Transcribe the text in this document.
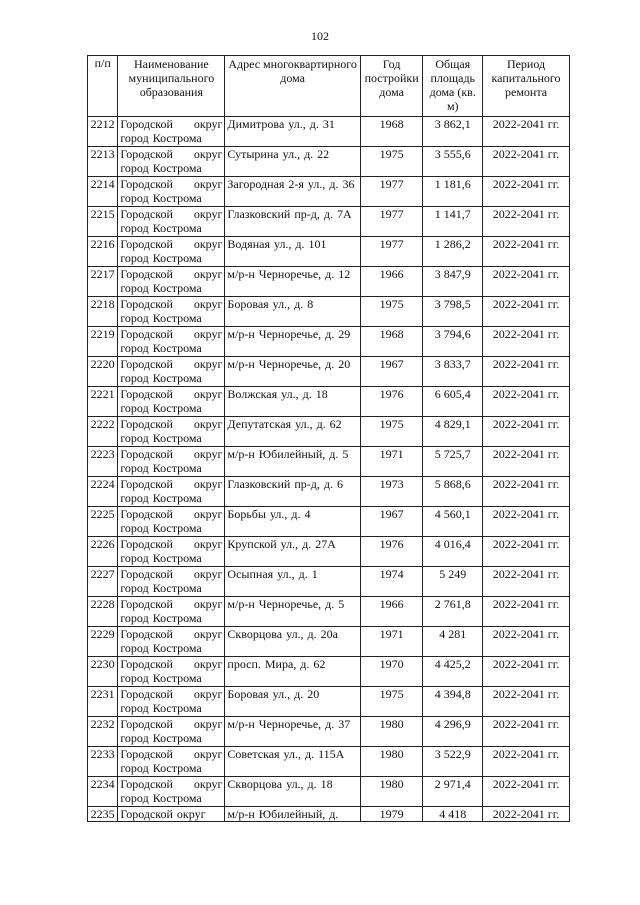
102
п/п	Наименование муниципального образования	Адрес многоквартирного дома	Год постройки дома	Общая площадь дома (кв. м)	Период капитального ремонта
2212	Городской округ город Кострома	Димитрова ул., д. 31	1968	3 862,1	2022-2041 гг.
2213	Городской округ город Кострома	Сутырина ул., д. 22	1975	3 555,6	2022-2041 гг.
2214	Городской округ город Кострома	Загородная 2-я ул., д. 36	1977	1 181,6	2022-2041 гг.
2215	Городской округ город Кострома	Глазковский пр-д, д. 7А	1977	1 141,7	2022-2041 гг.
2216	Городской округ город Кострома	Водяная ул., д. 101	1977	1 286,2	2022-2041 гг.
2217	Городской округ город Кострома	м/р-н Черноречье, д. 12	1966	3 847,9	2022-2041 гг.
2218	Городской округ город Кострома	Боровая ул., д. 8	1975	3 798,5	2022-2041 гг.
2219	Городской округ город Кострома	м/р-н Черноречье, д. 29	1968	3 794,6	2022-2041 гг.
2220	Городской округ город Кострома	м/р-н Черноречье, д. 20	1967	3 833,7	2022-2041 гг.
2221	Городской округ город Кострома	Волжская ул., д. 18	1976	6 605,4	2022-2041 гг.
2222	Городской округ город Кострома	Депутатская ул., д. 62	1975	4 829,1	2022-2041 гг.
2223	Городской округ город Кострома	м/р-н Юбилейный, д. 5	1971	5 725,7	2022-2041 гг.
2224	Городской округ город Кострома	Глазковский пр-д, д. 6	1973	5 868,6	2022-2041 гг.
2225	Городской округ город Кострома	Борьбы ул., д. 4	1967	4 560,1	2022-2041 гг.
2226	Городской округ город Кострома	Крупской ул., д. 27А	1976	4 016,4	2022-2041 гг.
2227	Городской округ город Кострома	Осыпная ул., д. 1	1974	5 249	2022-2041 гг.
2228	Городской округ город Кострома	м/р-н Черноречье, д. 5	1966	2 761,8	2022-2041 гг.
2229	Городской округ город Кострома	Скворцова ул., д. 20а	1971	4 281	2022-2041 гг.
2230	Городской округ город Кострома	просп. Мира, д. 62	1970	4 425,2	2022-2041 гг.
2231	Городской округ город Кострома	Боровая ул., д. 20	1975	4 394,8	2022-2041 гг.
2232	Городской округ город Кострома	м/р-н Черноречье, д. 37	1980	4 296,9	2022-2041 гг.
2233	Городской округ город Кострома	Советская ул., д. 115А	1980	3 522,9	2022-2041 гг.
2234	Городской округ город Кострома	Скворцова ул., д. 18	1980	2 971,4	2022-2041 гг.
2235	Городской округ	м/р-н Юбилейный, д.	1979	4 418	2022-2041 гг.
